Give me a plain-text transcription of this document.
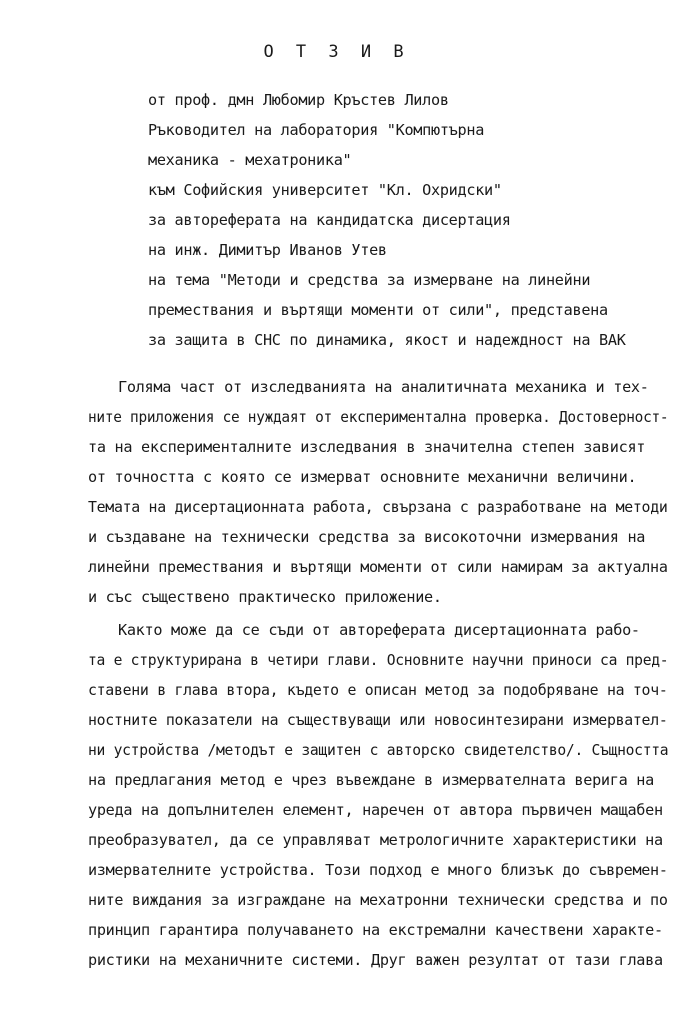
О Т З И В
от проф. дмн Любомир Кръстев Лилов
Ръководител на лаборатория "Компютърна
механика - мехатроника"
към Софийския университет "Кл. Охридски"
за автореферата на кандидатска дисертация
на инж. Димитър Иванов Утев
на тема "Методи и средства за измерване на линейни
премествания и въртящи моменти от сили", представена
за защита в СНС по динамика, якост и надеждност на ВАК
Голяма част от изследванията на аналитичната механика и тех-
ните приложения се нуждаят от експериментална проверка. Достоверност-
та на експерименталните изследвания в значителна степен зависят
от точността с която се измерват основните механични величини.
Темата на дисертационната работа, свързана с разработване на методи
и създаване на технически средства за високоточни измервания на
линейни премествания и въртящи моменти от сили намирам за актуална
и със съществено практическо приложение.
Както може да се съди от автореферата дисертационната рабо-
та е структурирана в четири глави. Основните научни приноси са пред-
ставени в глава втора, където е описан метод за подобряване на точ-
ностните показатели на съществуващи или новосинтезирани измервател-
ни устройства /методът е защитен с авторско свидетелство/. Същността
на предлагания метод е чрез въвеждане в измервателната верига на
уреда на допълнителен елемент, наречен от автора първичен мащабен
преобразувател, да се управляват метрологичните характеристики на
измервателните устройства. Този подход е много близък до съвремен-
ните виждания за изграждане на мехатронни технически средства и по
принцип гарантира получаването на екстремални качествени характе-
ристики на механичните системи. Друг важен резултат от тази глава
